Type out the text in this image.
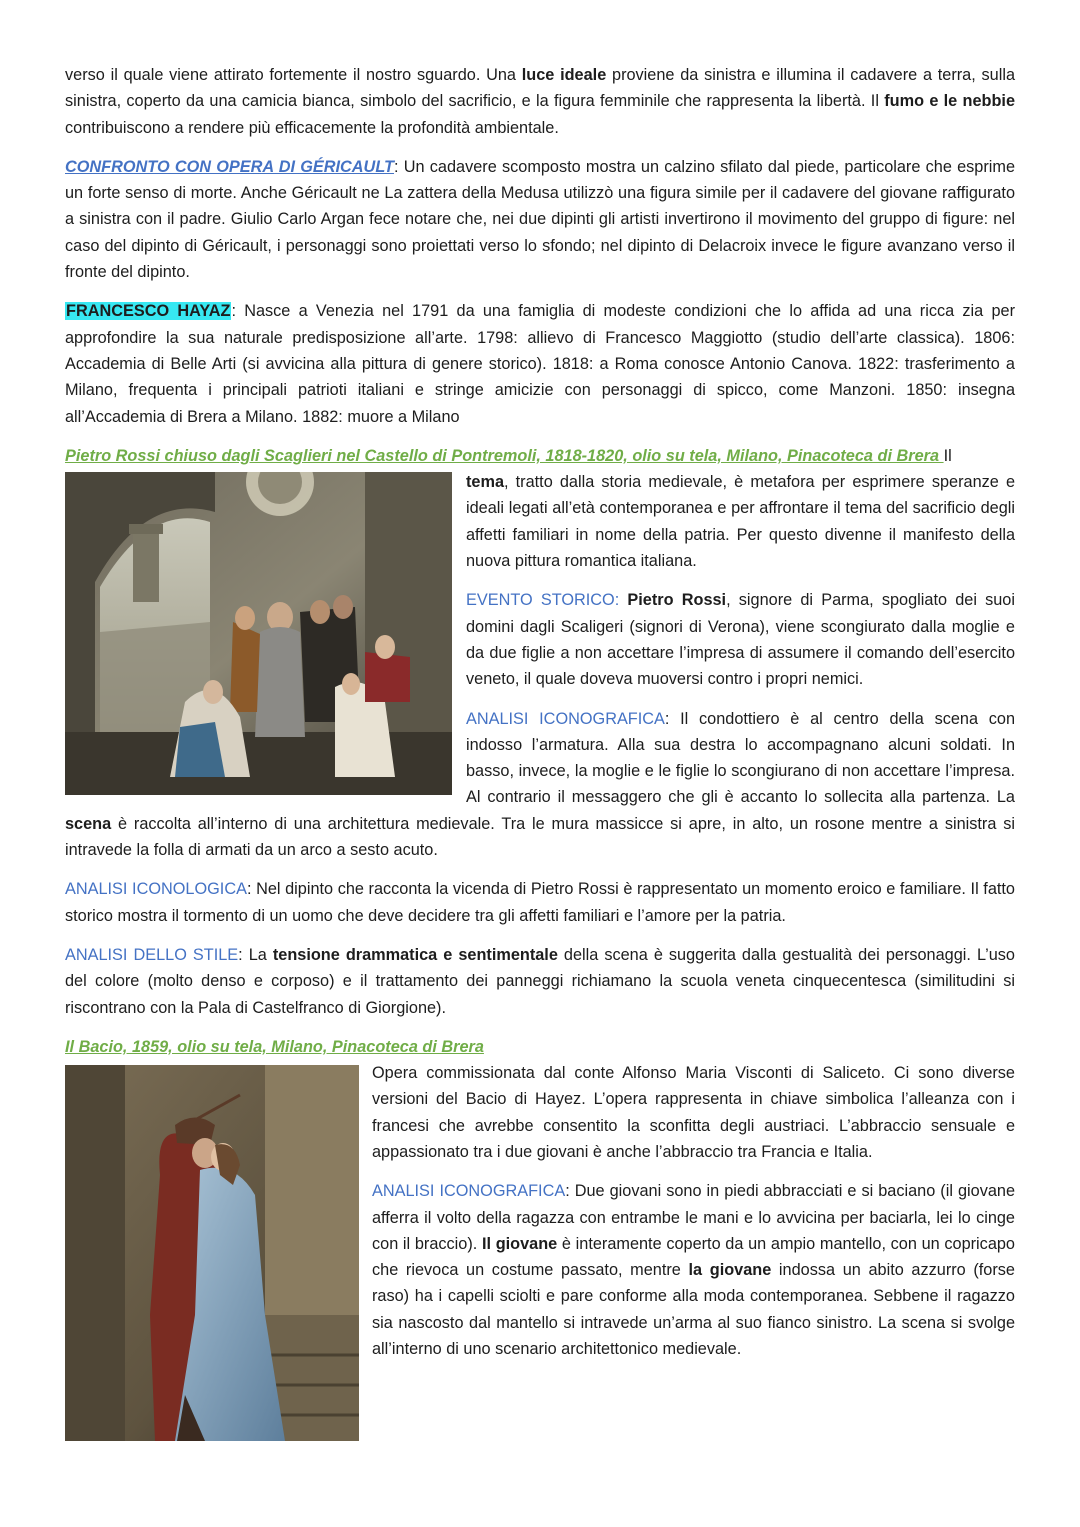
verso il quale viene attirato fortemente il nostro sguardo. Una luce ideale proviene da sinistra e illumina il cadavere a terra, sulla sinistra, coperto da una camicia bianca, simbolo del sacrificio, e la figura femminile che rappresenta la libertà. Il fumo e le nebbie contribuiscono a rendere più efficacemente la profondità ambientale.

CONFRONTO CON OPERA DI GÉRICAULT: Un cadavere scomposto mostra un calzino sfilato dal piede, particolare che esprime un forte senso di morte. Anche Géricault ne La zattera della Medusa utilizzò una figura simile per il cadavere del giovane raffigurato a sinistra con il padre. Giulio Carlo Argan fece notare che, nei due dipinti gli artisti invertirono il movimento del gruppo di figure: nel caso del dipinto di Géricault, i personaggi sono proiettati verso lo sfondo; nel dipinto di Delacroix invece le figure avanzano verso il fronte del dipinto.

FRANCESCO HAYAZ: Nasce a Venezia nel 1791 da una famiglia di modeste condizioni che lo affida ad una ricca zia per approfondire la sua naturale predisposizione all’arte. 1798: allievo di Francesco Maggiotto (studio dell’arte classica). 1806: Accademia di Belle Arti (si avvicina alla pittura di genere storico). 1818: a Roma conosce Antonio Canova. 1822: trasferimento a Milano, frequenta i principali patrioti italiani e stringe amicizie con personaggi di spicco, come Manzoni. 1850: insegna all’Accademia di Brera a Milano. 1882: muore a Milano

Pietro Rossi chiuso dagli Scaglieri nel Castello di Pontremoli, 1818-1820, olio su tela, Milano, Pinacoteca di Brera Il

tema, tratto dalla storia medievale, è metafora per esprimere speranze e ideali legati all’età contemporanea e per affrontare il tema del sacrificio degli affetti familiari in nome della patria. Per questo divenne il manifesto della nuova pittura romantica italiana.

EVENTO STORICO: Pietro Rossi, signore di Parma, spogliato dei suoi domini dagli Scaligeri (signori di Verona), viene scongiurato dalla moglie e da due figlie a non accettare l’impresa di assumere il comando dell’esercito veneto, il quale doveva muoversi contro i propri nemici.

ANALISI ICONOGRAFICA: Il condottiero è al centro della scena con indosso l’armatura. Alla sua destra lo accompagnano alcuni soldati. In basso, invece, la moglie e le figlie lo scongiurano di non accettare l’impresa. Al contrario il messaggero che gli è accanto lo sollecita alla partenza. La scena è raccolta all’interno di una architettura medievale. Tra le mura massicce si apre, in alto, un rosone mentre a sinistra si intravede la folla di armati da un arco a sesto acuto.

ANALISI ICONOLOGICA: Nel dipinto che racconta la vicenda di Pietro Rossi è rappresentato un momento eroico e familiare. Il fatto storico mostra il tormento di un uomo che deve decidere tra gli affetti familiari e l’amore per la patria.

ANALISI DELLO STILE: La tensione drammatica e sentimentale della scena è suggerita dalla gestualità dei personaggi. L’uso del colore (molto denso e corposo) e il trattamento dei panneggi richiamano la scuola veneta cinquecentesca (similitudini si riscontrano con la Pala di Castelfranco di Giorgione).

Il Bacio, 1859, olio su tela, Milano, Pinacoteca di Brera

Opera commissionata dal conte Alfonso Maria Visconti di Saliceto. Ci sono diverse versioni del Bacio di Hayez. L’opera rappresenta in chiave simbolica l’alleanza con i francesi che avrebbe consentito la sconfitta degli austriaci. L’abbraccio sensuale e appassionato tra i due giovani è anche l’abbraccio tra Francia e Italia.

ANALISI ICONOGRAFICA: Due giovani sono in piedi abbracciati e si baciano (il giovane afferra il volto della ragazza con entrambe le mani e lo avvicina per baciarla, lei lo cinge con il braccio). Il giovane è interamente coperto da un ampio mantello, con un copricapo che rievoca un costume passato, mentre la giovane indossa un abito azzurro (forse raso) ha i capelli sciolti e pare conforme alla moda contemporanea. Sebbene il ragazzo sia nascosto dal mantello si intravede un’arma al suo fianco sinistro. La scena si svolge all’interno di uno scenario architettonico medievale.
